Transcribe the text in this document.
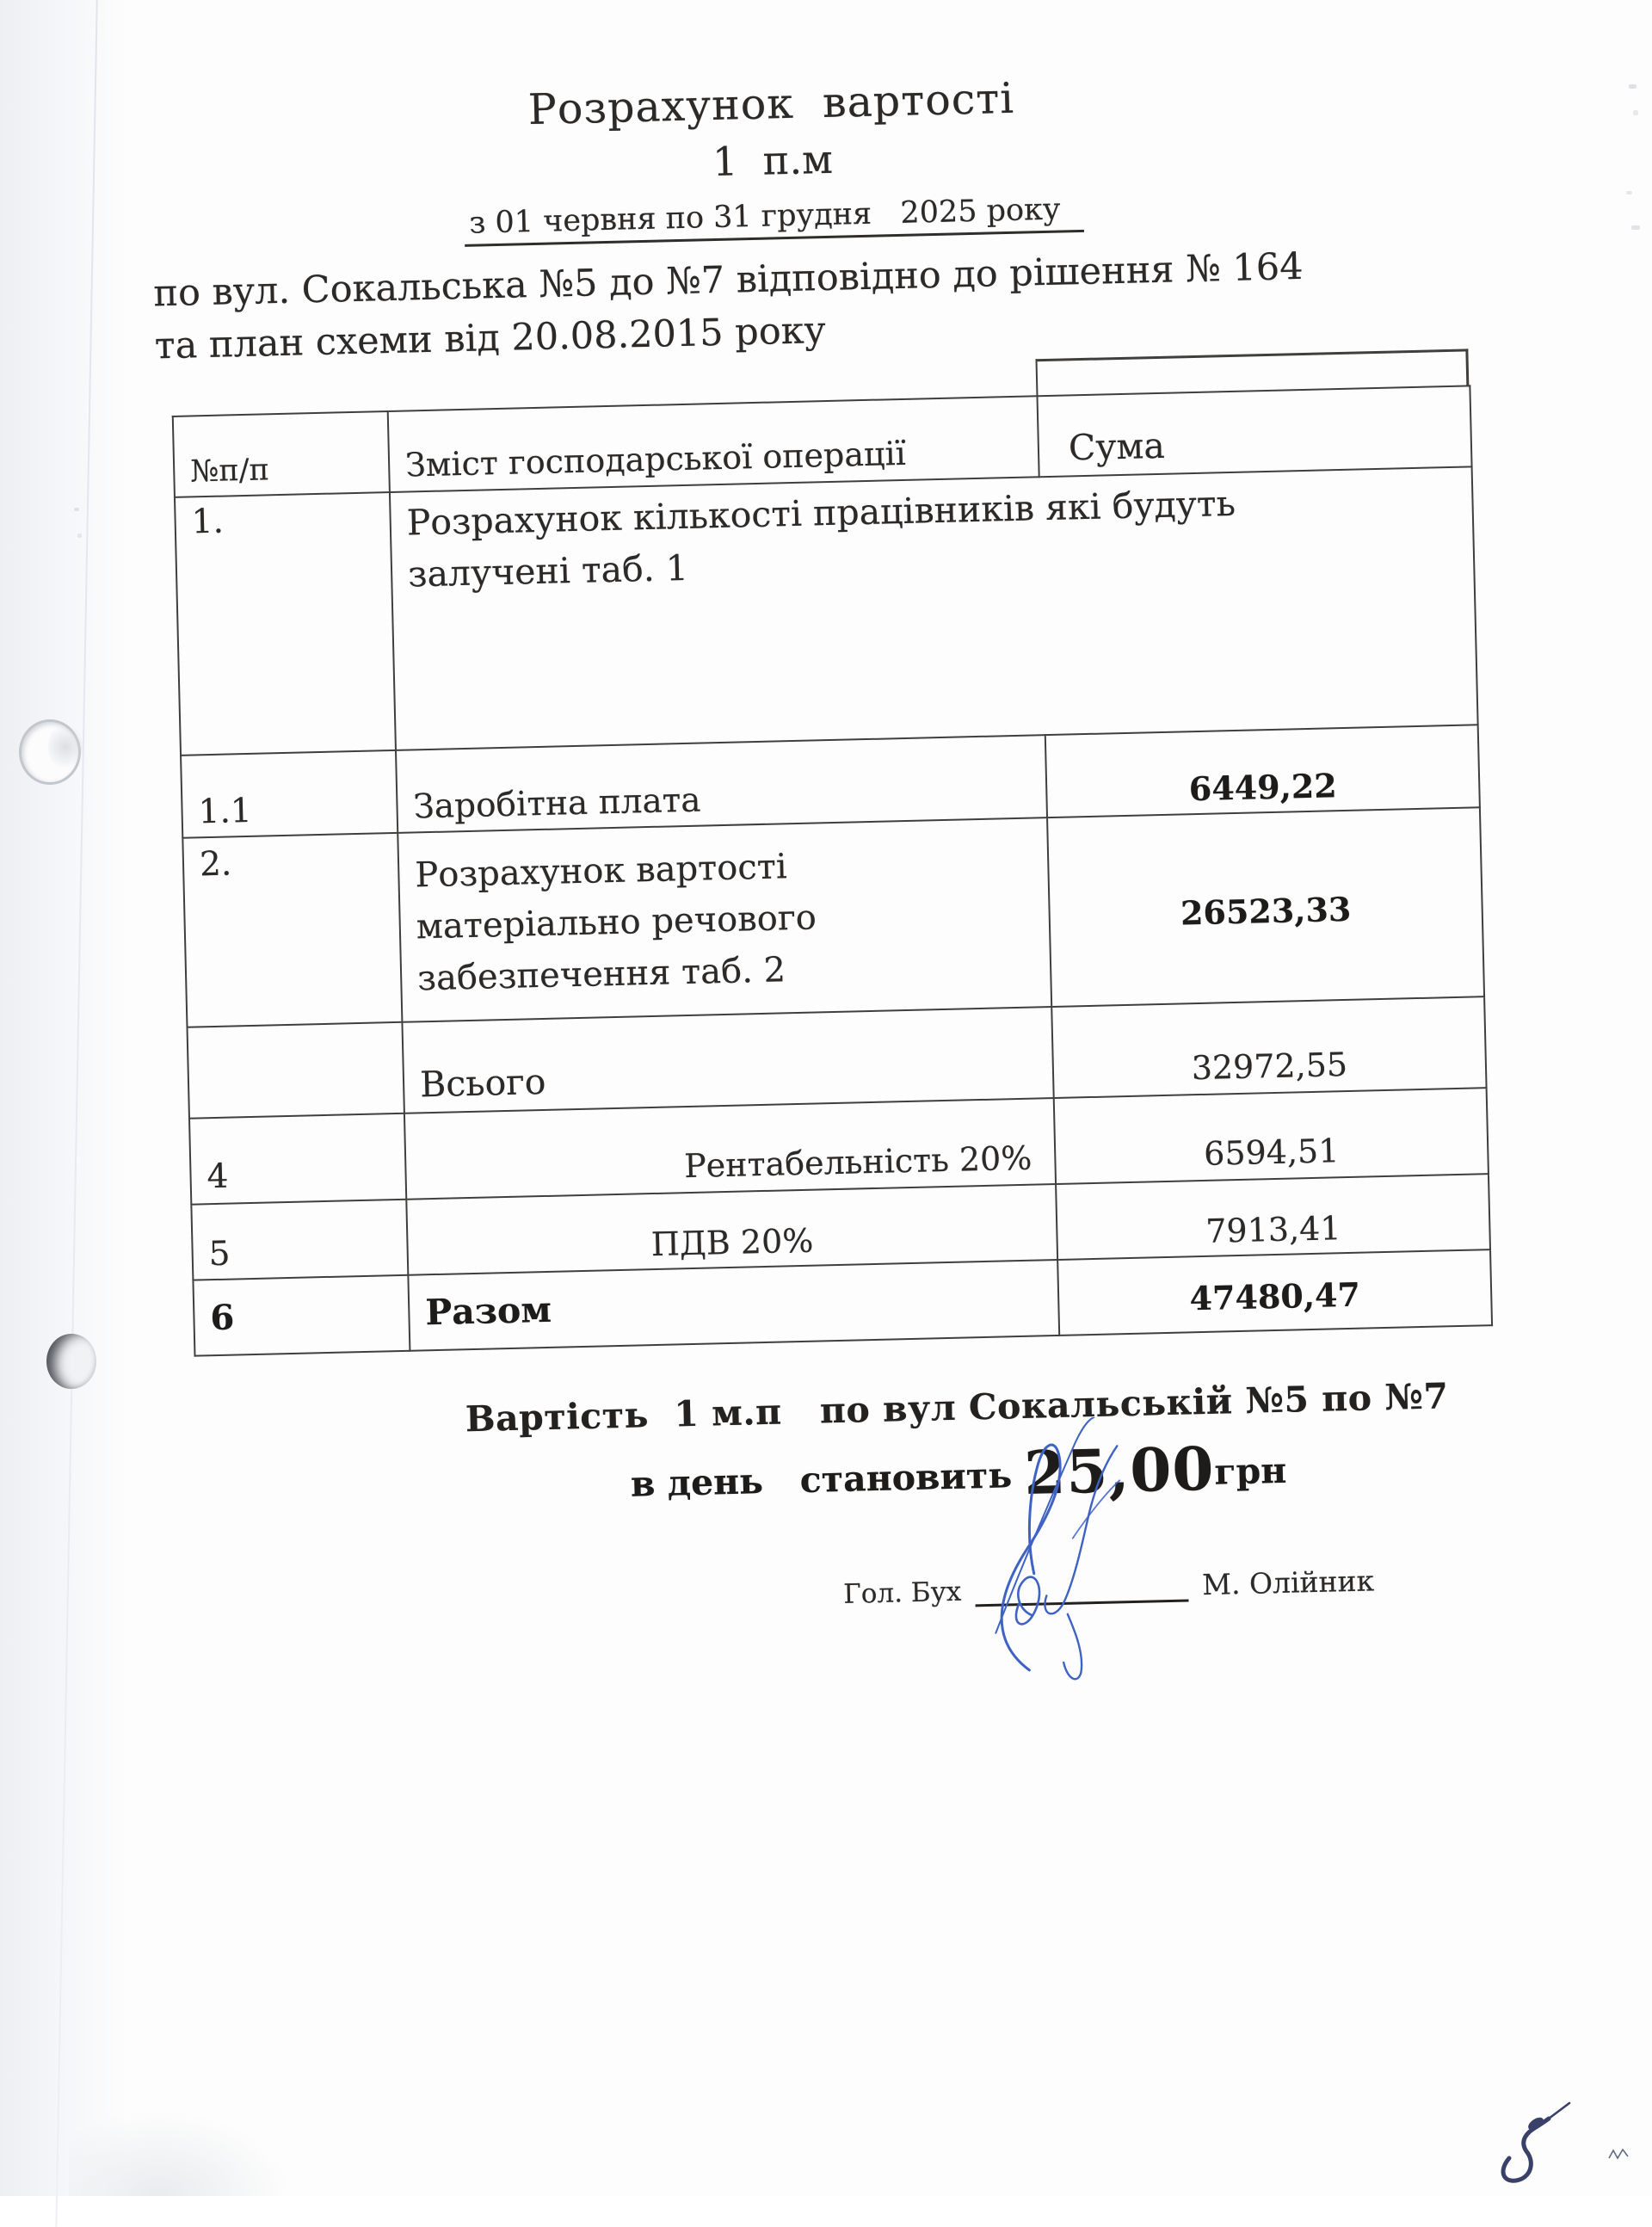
Розрахунок  вартості
1  п.м
з 01 червня по 31 грудня   2025 року
по вул. Сокальська №5 до №7 відповідно до рішення № 164
та план схеми від 20.08.2015 року
№п/п	Зміст господарської операції	Сума
1.	Розрахунок кількості працівників які будуть
залучені таб. 1	
1.1	Заробітна плата	6449,22
2.	Розрахунок вартості
матеріально речового
забезпечення таб. 2	26523,33
	Всього	32972,55
4	Рентабельність 20%	6594,51
5	ПДВ 20%	7913,41
6	Разом	47480,47
Вартість  1 м.п   по вул Сокальській №5 по №7
в день   становить 25,00грн
Гол. Бух	М. Олійник
